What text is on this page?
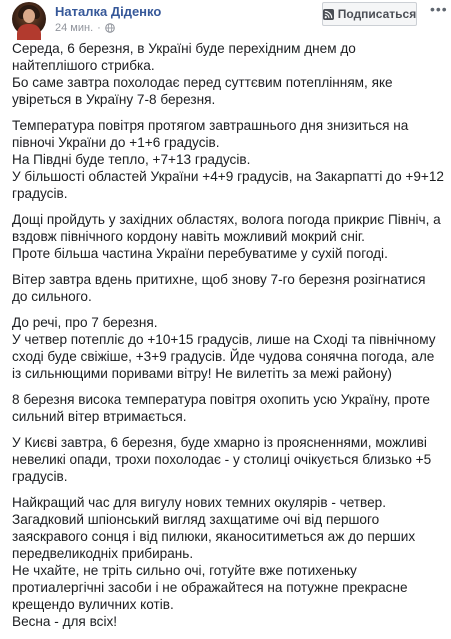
Наталка Діденко
24 мин. ·
Подписаться •••

Середа, 6 березня, в Україні буде перехідним днем до найтеплішого стрибка.
Бо саме завтра похолодає перед суттєвим потеплінням, яке увіреться в Україну 7-8 березня.

Температура повітря протягом завтрашнього дня знизиться на півночі України до +1+6 градусів.
На Півдні буде тепло, +7+13 градусів.
У більшості областей України +4+9 градусів, на Закарпатті до +9+12 градусів.

Дощі пройдуть у західних областях, волога погода прикриє Північ, а вздовж північного кордону навіть можливий мокрий сніг.
Проте більша частина України перебуватиме у сухій погоді.

Вітер завтра вдень притихне, щоб знову 7-го березня розігнатися до сильного.

До речі, про 7 березня.
У четвер потепліє до +10+15 градусів, лише на Сході та північному сході буде свіжіше, +3+9 градусів. Йде чудова сонячна погода, але із сильнющими поривами вітру! Не вилетіть за межі району)

8 березня висока температура повітря охопить усю Україну, проте сильний вітер втримається.

У Києві завтра, 6 березня, буде хмарно із проясненнями, можливі невеликі опади, трохи похолодає - у столиці очікується близько +5 градусів.

Найкращий час для вигулу нових темних окулярів - четвер.
Загадковий шпіонський вигляд захщатиме очі від першого заяскравого сонця і від пилюки, яканоситиметься аж до перших передвеликодніх прибирань.
Не чхайте, не тріть сильно очі, готуйте вже потихеньку протиалергічні засоби і не ображайтеся на потужне прекрасне крещендо вуличних котів.
Весна - для всіх!
